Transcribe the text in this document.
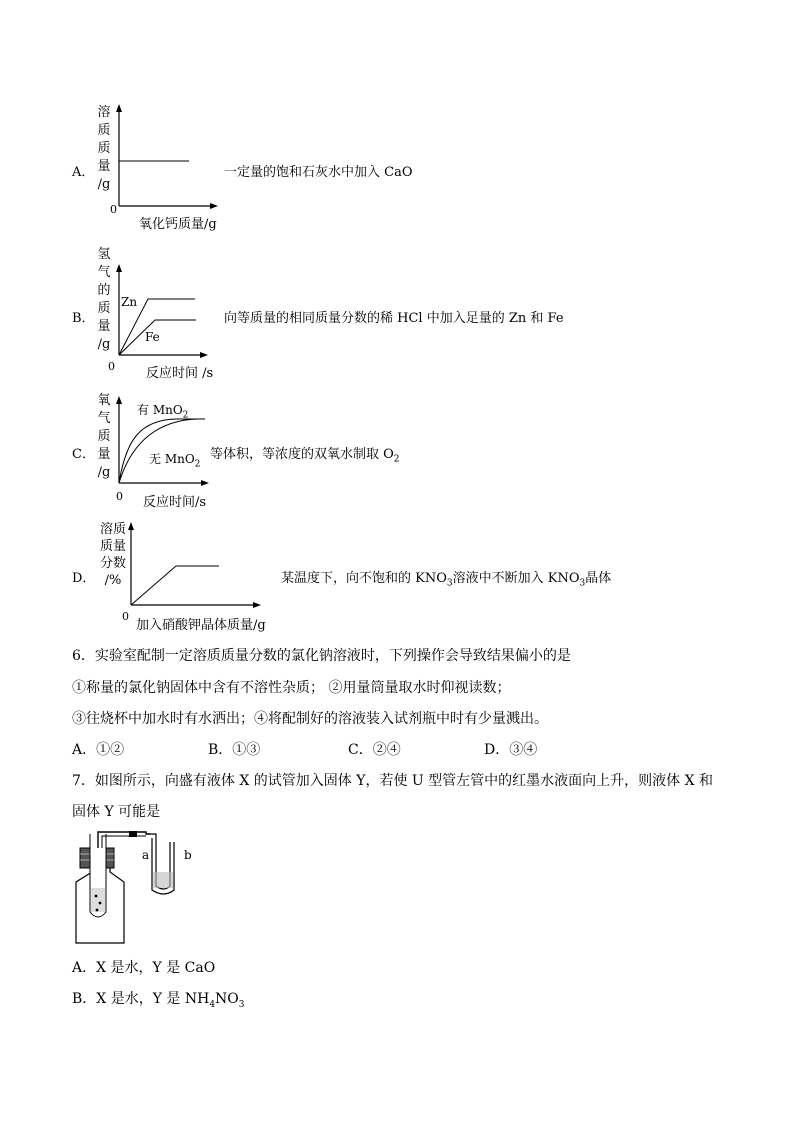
A．
溶
质
质
量
/g
0
氧化钙质量/g
一定量的饱和石灰水中加入 CaO
B．
氢
气
的
质
量
/g
Zn
Fe
0 反应时间 /s
向等质量的相同质量分数的稀 HCl 中加入足量的 Zn 和 Fe
C．
氧
气
质
量
/g
有 MnO$_2$
无 MnO$_2$
0 反应时间/s
等体积，等浓度的双氧水制取 $O_2$
D．
溶质
质量
分数
/%
0
加入硝酸钾晶体质量/g
某温度下，向不饱和的 $KNO_3$溶液中不断加入 $KNO_3$晶体
6．实验室配制一定溶质质量分数的氯化钠溶液时，下列操作会导致结果偏小的是
①称量的氯化钠固体中含有不溶性杂质； ②用量筒量取水时仰视读数；
③往烧杯中加水时有水洒出；④将配制好的溶液装入试剂瓶中时有少量溅出。
A．①②	B．①③	C．②④	D．③④
7．如图所示，向盛有液体 X 的试管加入固体 Y，若使 U 型管左管中的红墨水液面向上升，则液体 X 和
固体 Y 可能是
a	b
A．X 是水，Y 是 CaO
B．X 是水，Y 是 $NH_4NO_3$
